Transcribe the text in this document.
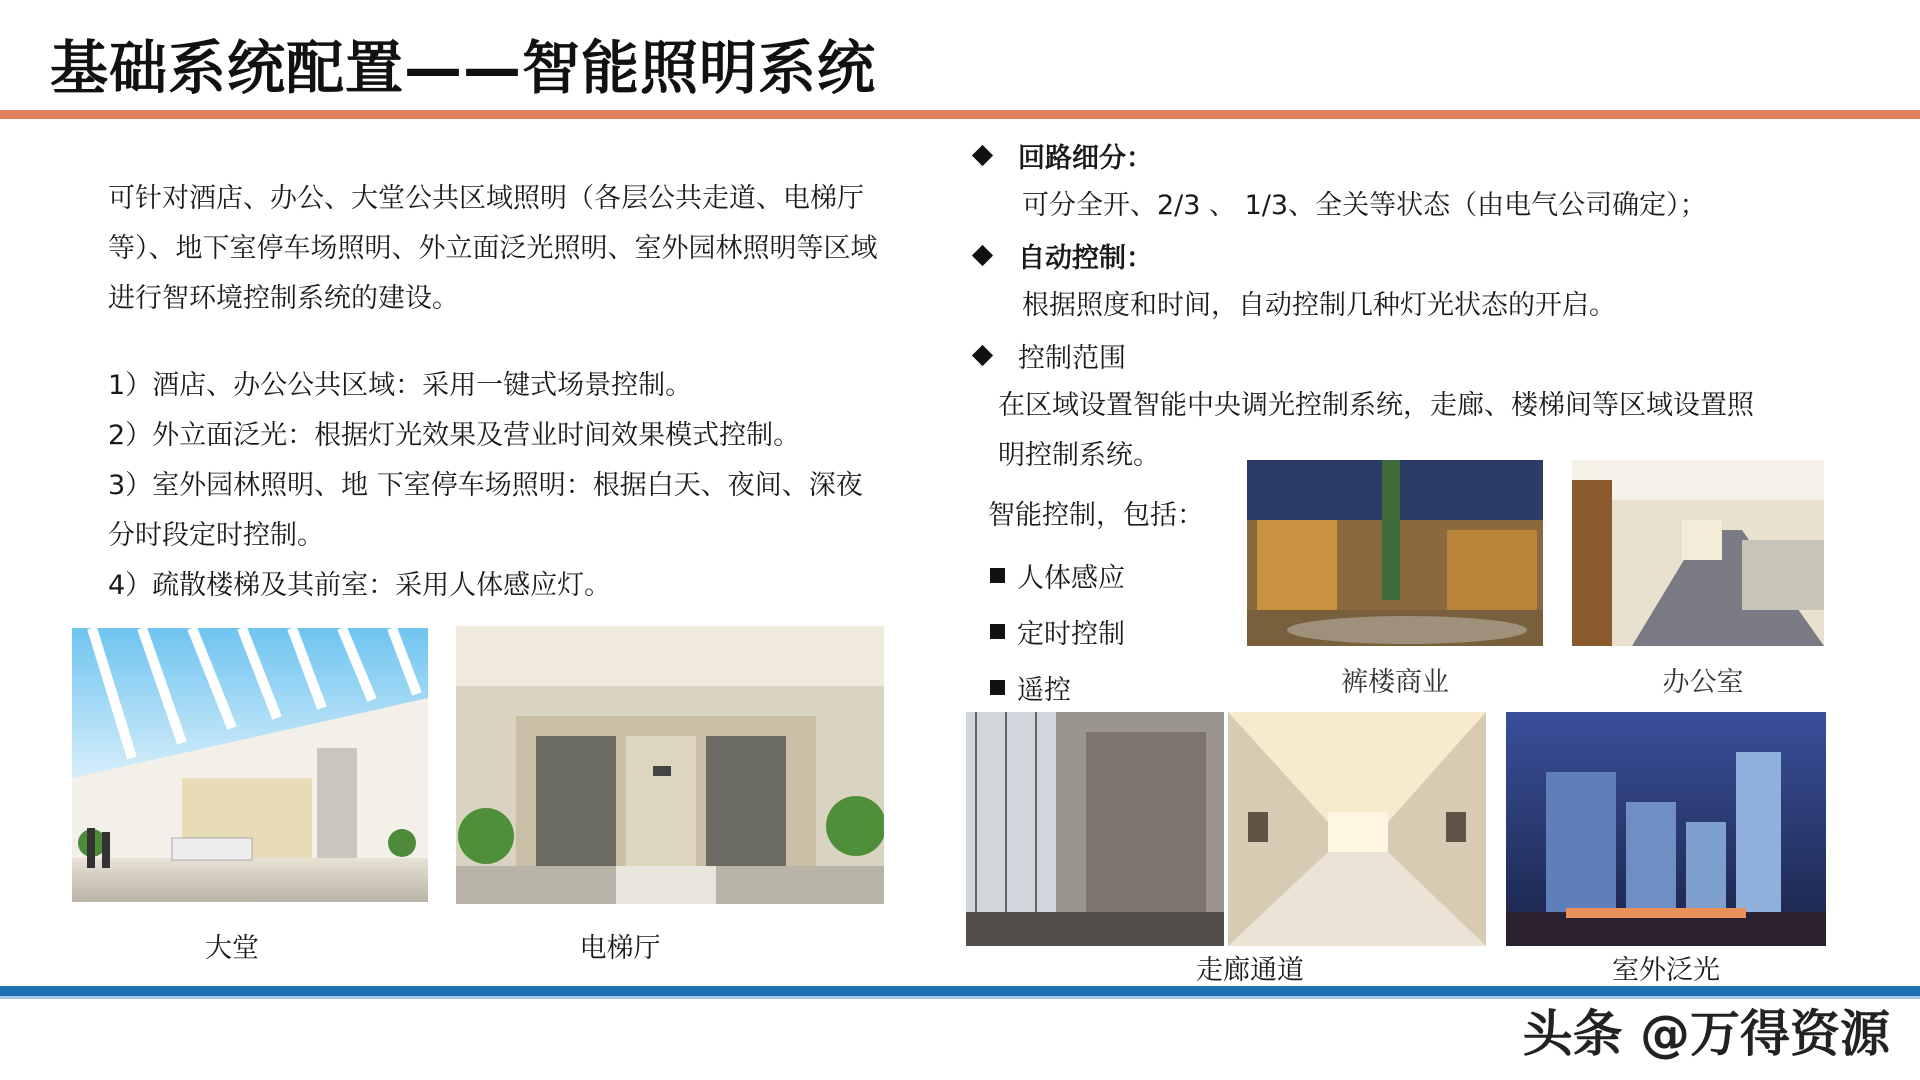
基础系统配置——智能照明系统

可针对酒店、办公、大堂公共区域照明（各层公共走道、电梯厅等）、地下室停车场照明、外立面泛光照明、室外园林照明等区域进行智环境控制系统的建设。

1）酒店、办公公共区域：采用一键式场景控制。

2）外立面泛光：根据灯光效果及营业时间效果模式控制。

3）室外园林照明、地 下室停车场照明：根据白天、夜间、深夜

分时段定时控制。

4）疏散楼梯及其前室：采用人体感应灯。

大堂	电梯厅

回路细分：

可分全开、2/3 、 1/3、全关等状态（由电气公司确定）；

自动控制：

根据照度和时间，自动控制几种灯光状态的开启。

控制范围

在区域设置智能中央调光控制系统，走廊、楼梯间等区域设置照

明控制系统。

智能控制，包括：

人体感应
定时控制
遥控	裤楼商业	办公室

走廊通道	室外泛光

头条 @万得资源
